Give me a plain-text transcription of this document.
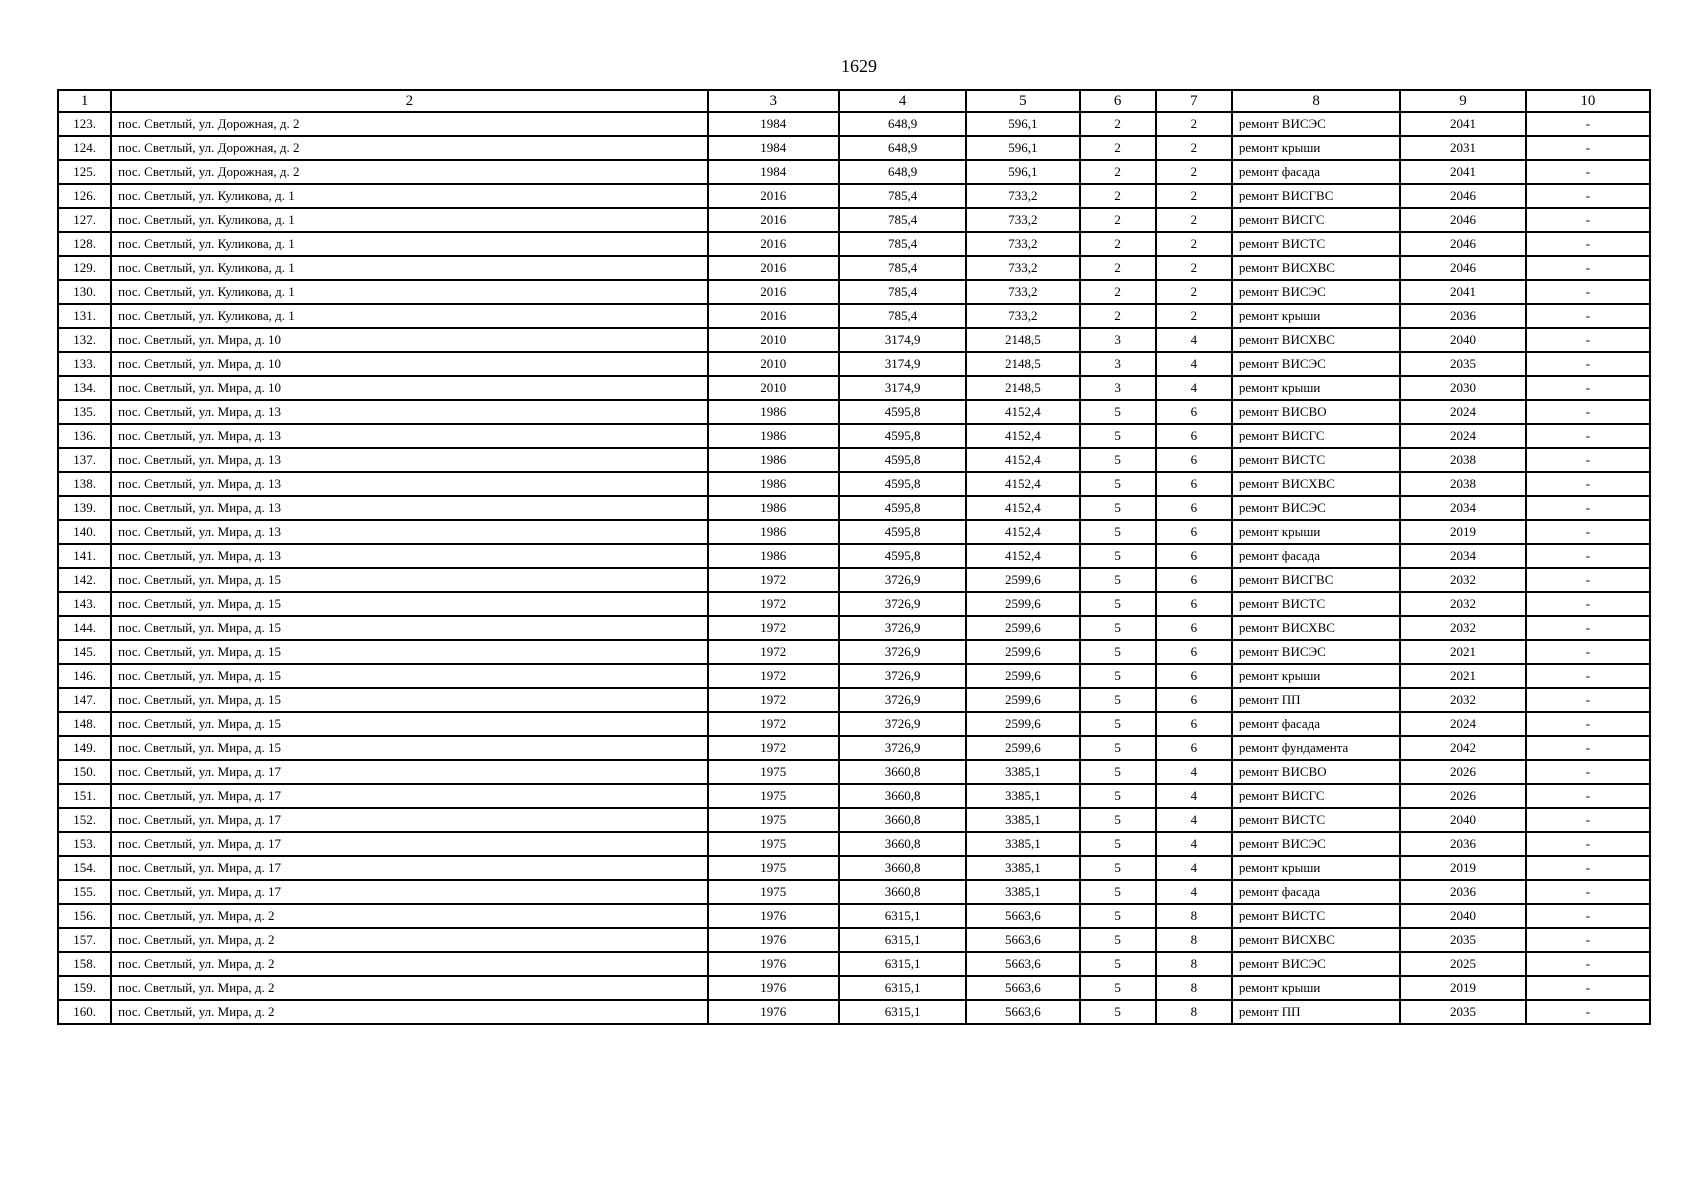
1629
1	2	3	4	5	6	7	8	9	10
123.	пос. Светлый, ул. Дорожная, д. 2	1984	648,9	596,1	2	2	ремонт ВИСЭС	2041	-
124.	пос. Светлый, ул. Дорожная, д. 2	1984	648,9	596,1	2	2	ремонт крыши	2031	-
125.	пос. Светлый, ул. Дорожная, д. 2	1984	648,9	596,1	2	2	ремонт фасада	2041	-
126.	пос. Светлый, ул. Куликова, д. 1	2016	785,4	733,2	2	2	ремонт ВИСГВС	2046	-
127.	пос. Светлый, ул. Куликова, д. 1	2016	785,4	733,2	2	2	ремонт ВИСГС	2046	-
128.	пос. Светлый, ул. Куликова, д. 1	2016	785,4	733,2	2	2	ремонт ВИСТС	2046	-
129.	пос. Светлый, ул. Куликова, д. 1	2016	785,4	733,2	2	2	ремонт ВИСХВС	2046	-
130.	пос. Светлый, ул. Куликова, д. 1	2016	785,4	733,2	2	2	ремонт ВИСЭС	2041	-
131.	пос. Светлый, ул. Куликова, д. 1	2016	785,4	733,2	2	2	ремонт крыши	2036	-
132.	пос. Светлый, ул. Мира, д. 10	2010	3174,9	2148,5	3	4	ремонт ВИСХВС	2040	-
133.	пос. Светлый, ул. Мира, д. 10	2010	3174,9	2148,5	3	4	ремонт ВИСЭС	2035	-
134.	пос. Светлый, ул. Мира, д. 10	2010	3174,9	2148,5	3	4	ремонт крыши	2030	-
135.	пос. Светлый, ул. Мира, д. 13	1986	4595,8	4152,4	5	6	ремонт ВИСВО	2024	-
136.	пос. Светлый, ул. Мира, д. 13	1986	4595,8	4152,4	5	6	ремонт ВИСГС	2024	-
137.	пос. Светлый, ул. Мира, д. 13	1986	4595,8	4152,4	5	6	ремонт ВИСТС	2038	-
138.	пос. Светлый, ул. Мира, д. 13	1986	4595,8	4152,4	5	6	ремонт ВИСХВС	2038	-
139.	пос. Светлый, ул. Мира, д. 13	1986	4595,8	4152,4	5	6	ремонт ВИСЭС	2034	-
140.	пос. Светлый, ул. Мира, д. 13	1986	4595,8	4152,4	5	6	ремонт крыши	2019	-
141.	пос. Светлый, ул. Мира, д. 13	1986	4595,8	4152,4	5	6	ремонт фасада	2034	-
142.	пос. Светлый, ул. Мира, д. 15	1972	3726,9	2599,6	5	6	ремонт ВИСГВС	2032	-
143.	пос. Светлый, ул. Мира, д. 15	1972	3726,9	2599,6	5	6	ремонт ВИСТС	2032	-
144.	пос. Светлый, ул. Мира, д. 15	1972	3726,9	2599,6	5	6	ремонт ВИСХВС	2032	-
145.	пос. Светлый, ул. Мира, д. 15	1972	3726,9	2599,6	5	6	ремонт ВИСЭС	2021	-
146.	пос. Светлый, ул. Мира, д. 15	1972	3726,9	2599,6	5	6	ремонт крыши	2021	-
147.	пос. Светлый, ул. Мира, д. 15	1972	3726,9	2599,6	5	6	ремонт ПП	2032	-
148.	пос. Светлый, ул. Мира, д. 15	1972	3726,9	2599,6	5	6	ремонт фасада	2024	-
149.	пос. Светлый, ул. Мира, д. 15	1972	3726,9	2599,6	5	6	ремонт фундамента	2042	-
150.	пос. Светлый, ул. Мира, д. 17	1975	3660,8	3385,1	5	4	ремонт ВИСВО	2026	-
151.	пос. Светлый, ул. Мира, д. 17	1975	3660,8	3385,1	5	4	ремонт ВИСГС	2026	-
152.	пос. Светлый, ул. Мира, д. 17	1975	3660,8	3385,1	5	4	ремонт ВИСТС	2040	-
153.	пос. Светлый, ул. Мира, д. 17	1975	3660,8	3385,1	5	4	ремонт ВИСЭС	2036	-
154.	пос. Светлый, ул. Мира, д. 17	1975	3660,8	3385,1	5	4	ремонт крыши	2019	-
155.	пос. Светлый, ул. Мира, д. 17	1975	3660,8	3385,1	5	4	ремонт фасада	2036	-
156.	пос. Светлый, ул. Мира, д. 2	1976	6315,1	5663,6	5	8	ремонт ВИСТС	2040	-
157.	пос. Светлый, ул. Мира, д. 2	1976	6315,1	5663,6	5	8	ремонт ВИСХВС	2035	-
158.	пос. Светлый, ул. Мира, д. 2	1976	6315,1	5663,6	5	8	ремонт ВИСЭС	2025	-
159.	пос. Светлый, ул. Мира, д. 2	1976	6315,1	5663,6	5	8	ремонт крыши	2019	-
160.	пос. Светлый, ул. Мира, д. 2	1976	6315,1	5663,6	5	8	ремонт ПП	2035	-
